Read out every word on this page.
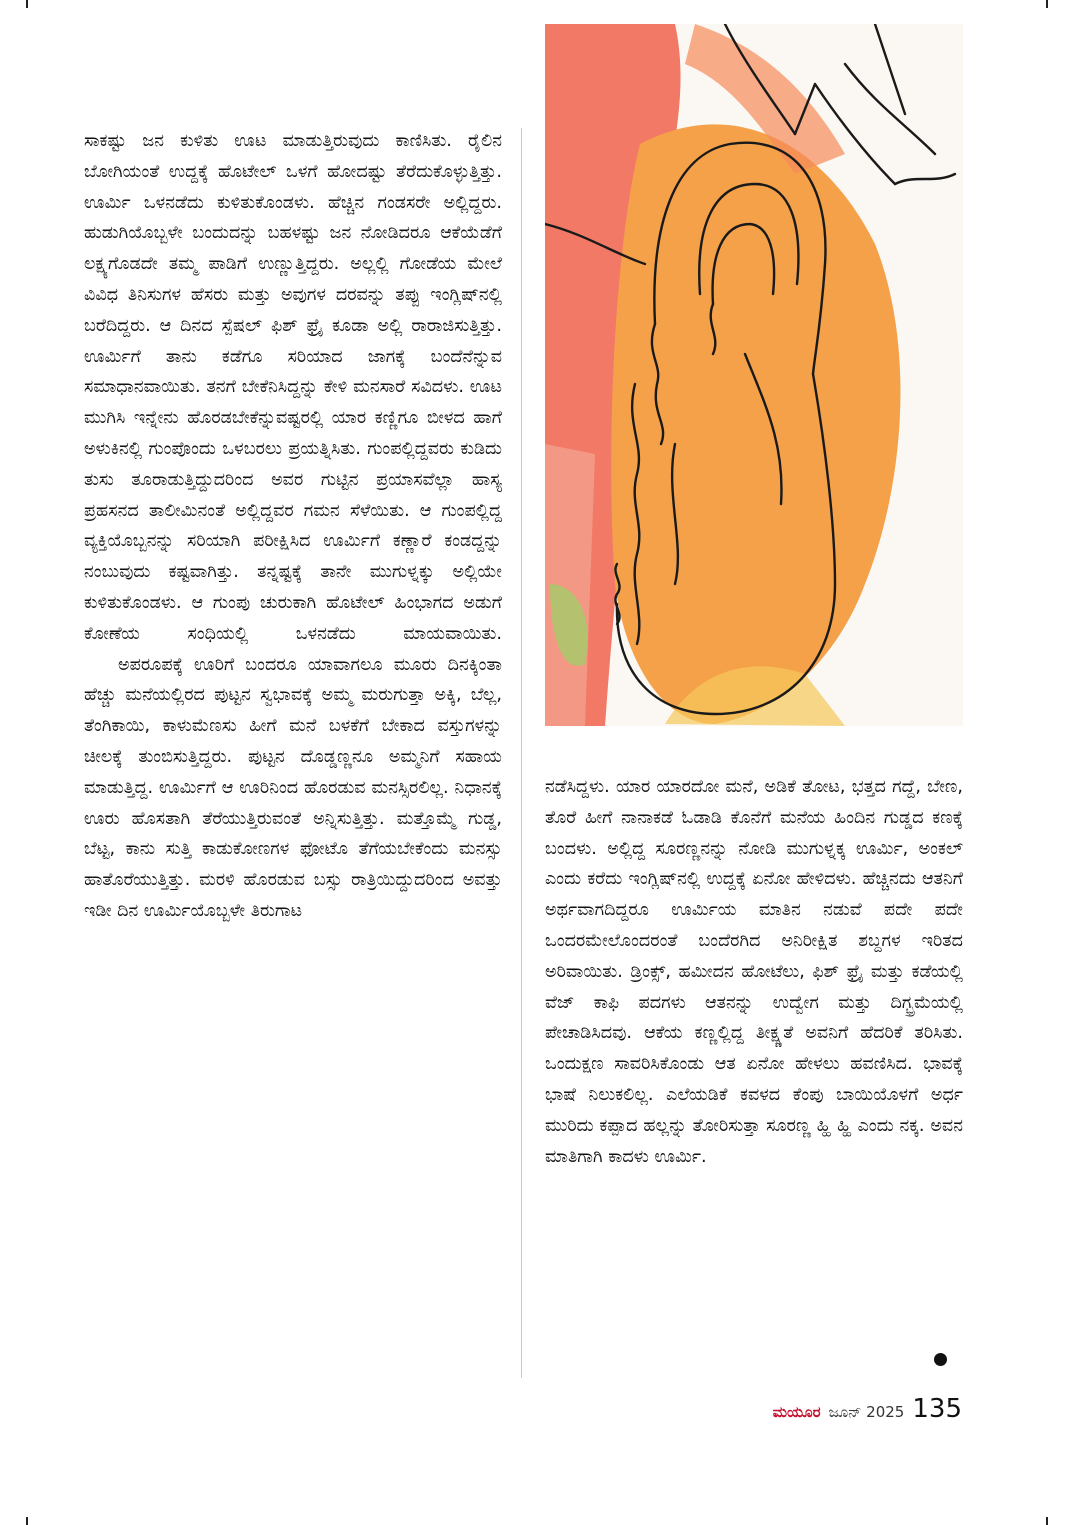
ಸಾಕಷ್ಟು ಜನ ಕುಳಿತು ಊಟ ಮಾಡುತ್ತಿರುವುದು ಕಾಣಿಸಿತು. ರೈಲಿನ ಬೋಗಿಯಂತೆ ಉದ್ದಕ್ಕೆ ಹೊಟೇಲ್ ಒಳಗೆ ಹೋದಷ್ಟು ತೆರೆದುಕೊಳ್ಳುತ್ತಿತ್ತು. ಊರ್ಮಿ ಒಳನಡೆದು ಕುಳಿತುಕೊಂಡಳು. ಹೆಚ್ಚಿನ ಗಂಡಸರೇ ಅಲ್ಲಿದ್ದರು. ಹುಡುಗಿಯೊಬ್ಬಳೇ ಬಂದುದನ್ನು ಬಹಳಷ್ಟು ಜನ ನೋಡಿದರೂ ಆಕೆಯೆಡೆಗೆ ಲಕ್ಷ್ಯಗೊಡದೇ ತಮ್ಮ ಪಾಡಿಗೆ ಉಣ್ಣುತ್ತಿದ್ದರು. ಅಲ್ಲಲ್ಲಿ ಗೋಡೆಯ ಮೇಲೆ ವಿವಿಧ ತಿನಿಸುಗಳ ಹೆಸರು ಮತ್ತು ಅವುಗಳ ದರವನ್ನು ತಪ್ಪು ಇಂಗ್ಲಿಷ್‌ನಲ್ಲಿ ಬರೆದಿದ್ದರು. ಆ ದಿನದ ಸ್ಪೆಷಲ್ ಫಿಶ್ ಫ್ರೈ ಕೂಡಾ ಅಲ್ಲಿ ರಾರಾಜಿಸುತ್ತಿತ್ತು. ಊರ್ಮಿಗೆ ತಾನು ಕಡೆಗೂ ಸರಿಯಾದ ಜಾಗಕ್ಕೆ ಬಂದೆನೆನ್ನುವ ಸಮಾಧಾನವಾಯಿತು. ತನಗೆ ಬೇಕೆನಿಸಿದ್ದನ್ನು ಕೇಳಿ ಮನಸಾರೆ ಸವಿದಳು. ಊಟ ಮುಗಿಸಿ ಇನ್ನೇನು ಹೊರಡಬೇಕೆನ್ನುವಷ್ಟರಲ್ಲಿ ಯಾರ ಕಣ್ಣಿಗೂ ಬೀಳದ ಹಾಗೆ ಅಳುಕಿನಲ್ಲಿ ಗುಂಪೊಂದು ಒಳಬರಲು ಪ್ರಯತ್ನಿಸಿತು. ಗುಂಪಲ್ಲಿದ್ದವರು ಕುಡಿದು ತುಸು ತೂರಾಡುತ್ತಿದ್ದುದರಿಂದ ಅವರ ಗುಟ್ಟಿನ ಪ್ರಯಾಸವೆಲ್ಲಾ ಹಾಸ್ಯ ಪ್ರಹಸನದ ತಾಲೀಮಿನಂತೆ ಅಲ್ಲಿದ್ದವರ ಗಮನ ಸೆಳೆಯಿತು. ಆ ಗುಂಪಲ್ಲಿದ್ದ ವ್ಯಕ್ತಿಯೊಬ್ಬನನ್ನು ಸರಿಯಾಗಿ ಪರೀಕ್ಷಿಸಿದ ಊರ್ಮಿಗೆ ಕಣ್ಣಾರೆ ಕಂಡದ್ದನ್ನು ನಂಬುವುದು ಕಷ್ಟವಾಗಿತ್ತು. ತನ್ನಷ್ಟಕ್ಕೆ ತಾನೇ ಮುಗುಳ್ನಕ್ಕು ಅಲ್ಲಿಯೇ ಕುಳಿತುಕೊಂಡಳು. ಆ ಗುಂಪು ಚುರುಕಾಗಿ ಹೊಟೇಲ್ ಹಿಂಭಾಗದ ಅಡುಗೆ ಕೋಣೆಯ ಸಂಧಿಯಲ್ಲಿ ಒಳನಡೆದು ಮಾಯವಾಯಿತು.

ಅಪರೂಪಕ್ಕೆ ಊರಿಗೆ ಬಂದರೂ ಯಾವಾಗಲೂ ಮೂರು ದಿನಕ್ಕಿಂತಾ ಹೆಚ್ಚು ಮನೆಯಲ್ಲಿರದ ಪುಟ್ಟನ ಸ್ವಭಾವಕ್ಕೆ ಅಮ್ಮ ಮರುಗುತ್ತಾ ಅಕ್ಕಿ, ಬೆಲ್ಲ, ತೆಂಗಿಕಾಯಿ, ಕಾಳುಮೆಣಸು ಹೀಗೆ ಮನೆ ಬಳಕೆಗೆ ಬೇಕಾದ ವಸ್ತುಗಳನ್ನು ಚೀಲಕ್ಕೆ ತುಂಬಿಸುತ್ತಿದ್ದರು. ಪುಟ್ಟನ ದೊಡ್ಡಣ್ಣನೂ ಅಮ್ಮನಿಗೆ ಸಹಾಯ ಮಾಡುತ್ತಿದ್ದ. ಊರ್ಮಿಗೆ ಆ ಊರಿನಿಂದ ಹೊರಡುವ ಮನಸ್ಸಿರಲಿಲ್ಲ. ನಿಧಾನಕ್ಕೆ ಊರು ಹೊಸತಾಗಿ ತೆರೆಯುತ್ತಿರುವಂತೆ ಅನ್ನಿಸುತ್ತಿತ್ತು. ಮತ್ತೊಮ್ಮೆ ಗುಡ್ಡ, ಬೆಟ್ಟ, ಕಾನು ಸುತ್ತಿ ಕಾಡುಕೋಣಗಳ ಫೋಟೊ ತೆಗೆಯಬೇಕೆಂದು ಮನಸ್ಸು ಹಾತೊರೆಯುತ್ತಿತ್ತು. ಮರಳಿ ಹೊರಡುವ ಬಸ್ಸು ರಾತ್ರಿಯಿದ್ದುದರಿಂದ ಅವತ್ತು ಇಡೀ ದಿನ ಊರ್ಮಿಯೊಬ್ಬಳೇ ತಿರುಗಾಟ

ನಡೆಸಿದ್ದಳು. ಯಾರ ಯಾರದೋ ಮನೆ, ಅಡಿಕೆ ತೋಟ, ಭತ್ತದ ಗದ್ದೆ, ಬೇಣ, ತೊರೆ ಹೀಗೆ ನಾನಾಕಡೆ ಓಡಾಡಿ ಕೊನೆಗೆ ಮನೆಯ ಹಿಂದಿನ ಗುಡ್ಡದ ಕಣಕ್ಕೆ ಬಂದಳು. ಅಲ್ಲಿದ್ದ ಸೂರಣ್ಣನನ್ನು ನೋಡಿ ಮುಗುಳ್ನಕ್ಕ ಊರ್ಮಿ, ಅಂಕಲ್ ಎಂದು ಕರೆದು ಇಂಗ್ಲಿಷ್‌ನಲ್ಲಿ ಉದ್ದಕ್ಕೆ ಏನೋ ಹೇಳಿದಳು. ಹೆಚ್ಚಿನದು ಆತನಿಗೆ ಅರ್ಥವಾಗದಿದ್ದರೂ ಊರ್ಮಿಯ ಮಾತಿನ ನಡುವೆ ಪದೇ ಪದೇ ಒಂದರಮೇಲೊಂದರಂತೆ ಬಂದೆರಗಿದ ಅನಿರೀಕ್ಷಿತ ಶಬ್ದಗಳ ಇರಿತದ ಅರಿವಾಯಿತು. ಡ್ರಿಂಕ್ಸ್, ಹಮೀದನ ಹೋಟೆಲು, ಫಿಶ್ ಫ್ರೈ ಮತ್ತು ಕಡೆಯಲ್ಲಿ ವೆಜ್ ಕಾಫಿ ಪದಗಳು ಆತನನ್ನು ಉದ್ವೇಗ ಮತ್ತು ದಿಗ್ಭ್ರಮೆಯಲ್ಲಿ ಪೇಚಾಡಿಸಿದವು. ಆಕೆಯ ಕಣ್ಣಲ್ಲಿದ್ದ ತೀಕ್ಷ್ಣತೆ ಅವನಿಗೆ ಹೆದರಿಕೆ ತರಿಸಿತು. ಒಂದುಕ್ಷಣ ಸಾವರಿಸಿಕೊಂಡು ಆತ ಏನೋ ಹೇಳಲು ಹವಣಿಸಿದ. ಭಾವಕ್ಕೆ ಭಾಷೆ ನಿಲುಕಲಿಲ್ಲ. ಎಲೆಯಡಿಕೆ ಕವಳದ ಕೆಂಪು ಬಾಯಿಯೊಳಗೆ ಅರ್ಧ ಮುರಿದು ಕಪ್ಪಾದ ಹಲ್ಲನ್ನು ತೋರಿಸುತ್ತಾ ಸೂರಣ್ಣ ಹ್ಹಿ ಹ್ಹಿ ಎಂದು ನಕ್ಕ. ಅವನ ಮಾತಿಗಾಗಿ ಕಾದಳು ಊರ್ಮಿ.

ಮಯೂರ ಜೂನ್ 2025 135
